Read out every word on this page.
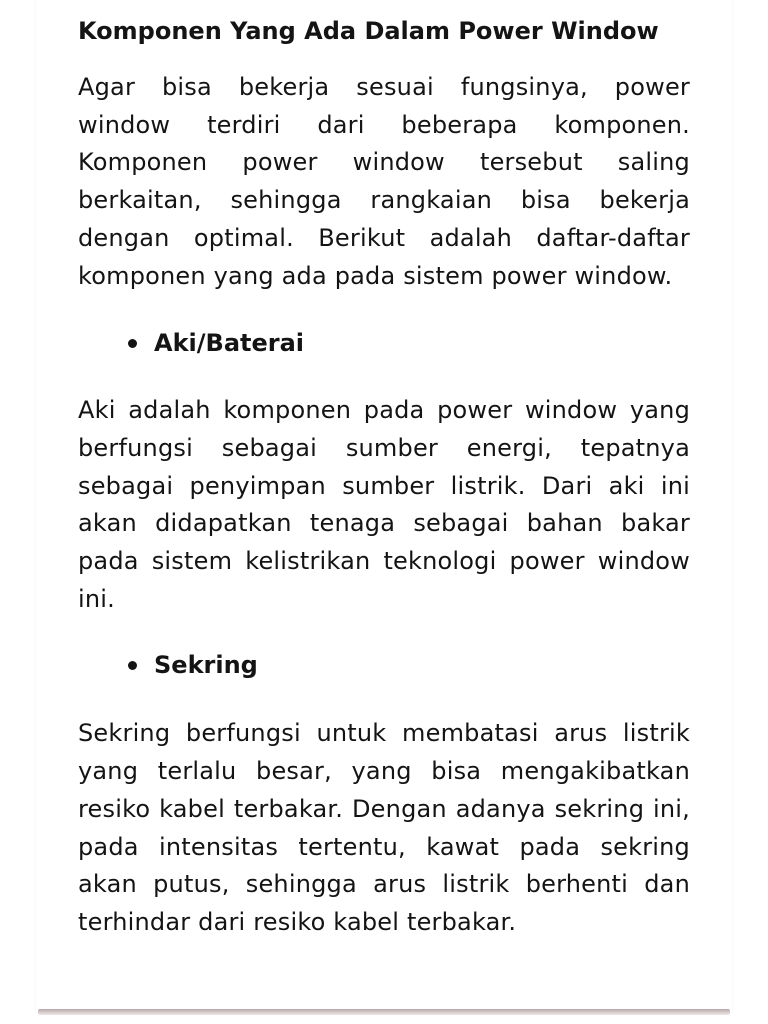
Komponen Yang Ada Dalam Power Window

Agar bisa bekerja sesuai fungsinya, power window terdiri dari beberapa komponen. Komponen power window tersebut saling berkaitan, sehingga rangkaian bisa bekerja dengan optimal. Berikut adalah daftar-daftar komponen yang ada pada sistem power window.

Aki/Baterai

Aki adalah komponen pada power window yang berfungsi sebagai sumber energi, tepatnya sebagai penyimpan sumber listrik. Dari aki ini akan didapatkan tenaga sebagai bahan bakar pada sistem kelistrikan teknologi power window ini.

Sekring

Sekring berfungsi untuk membatasi arus listrik yang terlalu besar, yang bisa mengakibatkan resiko kabel terbakar. Dengan adanya sekring ini, pada intensitas tertentu, kawat pada sekring akan putus, sehingga arus listrik berhenti dan terhindar dari resiko kabel terbakar.
